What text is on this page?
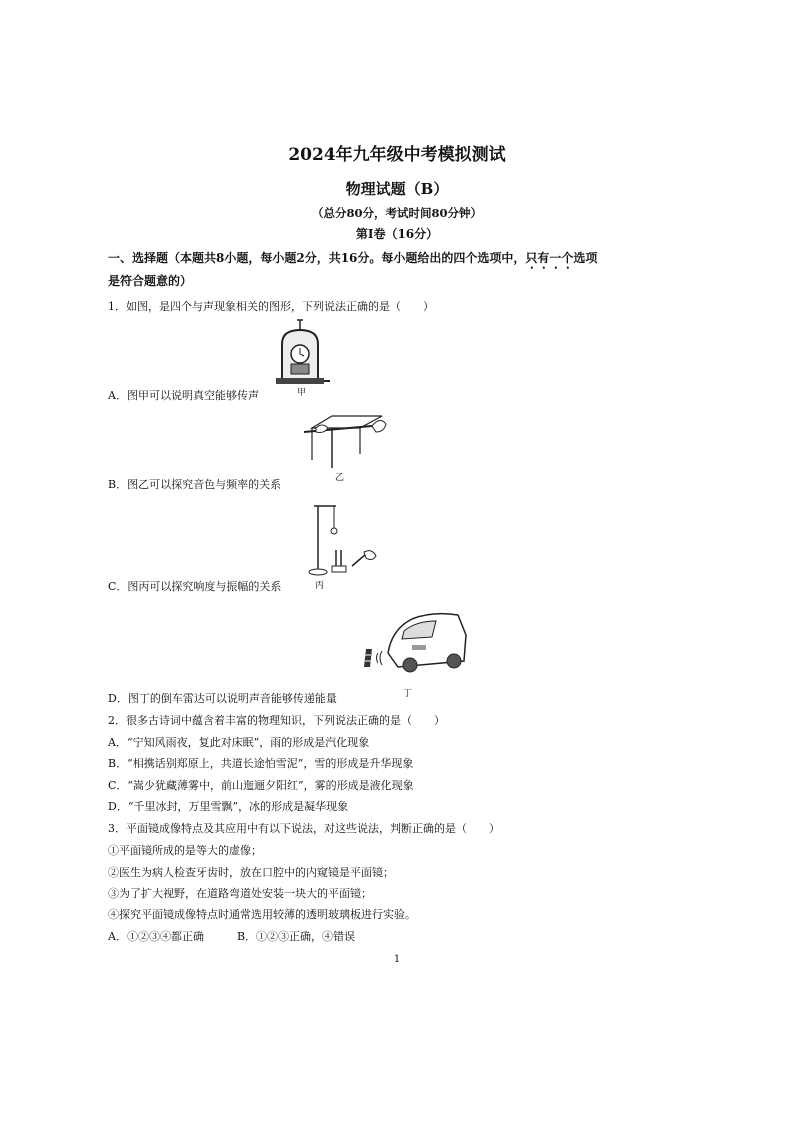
2024年九年级中考模拟测试
物理试题（B）
（总分80分，考试时间80分钟）
第Ⅰ卷（16分）
一、选择题（本题共8小题，每小题2分，共16分。每小题给出的四个选项中，只有一个选项
是符合题意的）
1．如图，是四个与声现象相关的图形，下列说法正确的是（　　）
甲
A．图甲可以说明真空能够传声
乙
B．图乙可以探究音色与频率的关系
丙
C．图丙可以探究响度与振幅的关系
丁
D．图丁的倒车雷达可以说明声音能够传递能量
2．很多古诗词中蕴含着丰富的物理知识，下列说法正确的是（　　）
A．“宁知风雨夜，复此对床眠”，雨的形成是汽化现象
B．“相携话别郑原上，共道长途怕雪泥”，雪的形成是升华现象
C．“嵩少犹藏薄雾中，前山迤逦夕阳红”，雾的形成是液化现象
D．“千里冰封，万里雪飘”，冰的形成是凝华现象
3．平面镜成像特点及其应用中有以下说法，对这些说法，判断正确的是（　　）
①平面镜所成的是等大的虚像；
②医生为病人检查牙齿时，放在口腔中的内窥镜是平面镜；
③为了扩大视野，在道路弯道处安装一块大的平面镜；
④探究平面镜成像特点时通常选用较薄的透明玻璃板进行实验。
A．①②③④都正确　　　B．①②③正确，④错误
1
